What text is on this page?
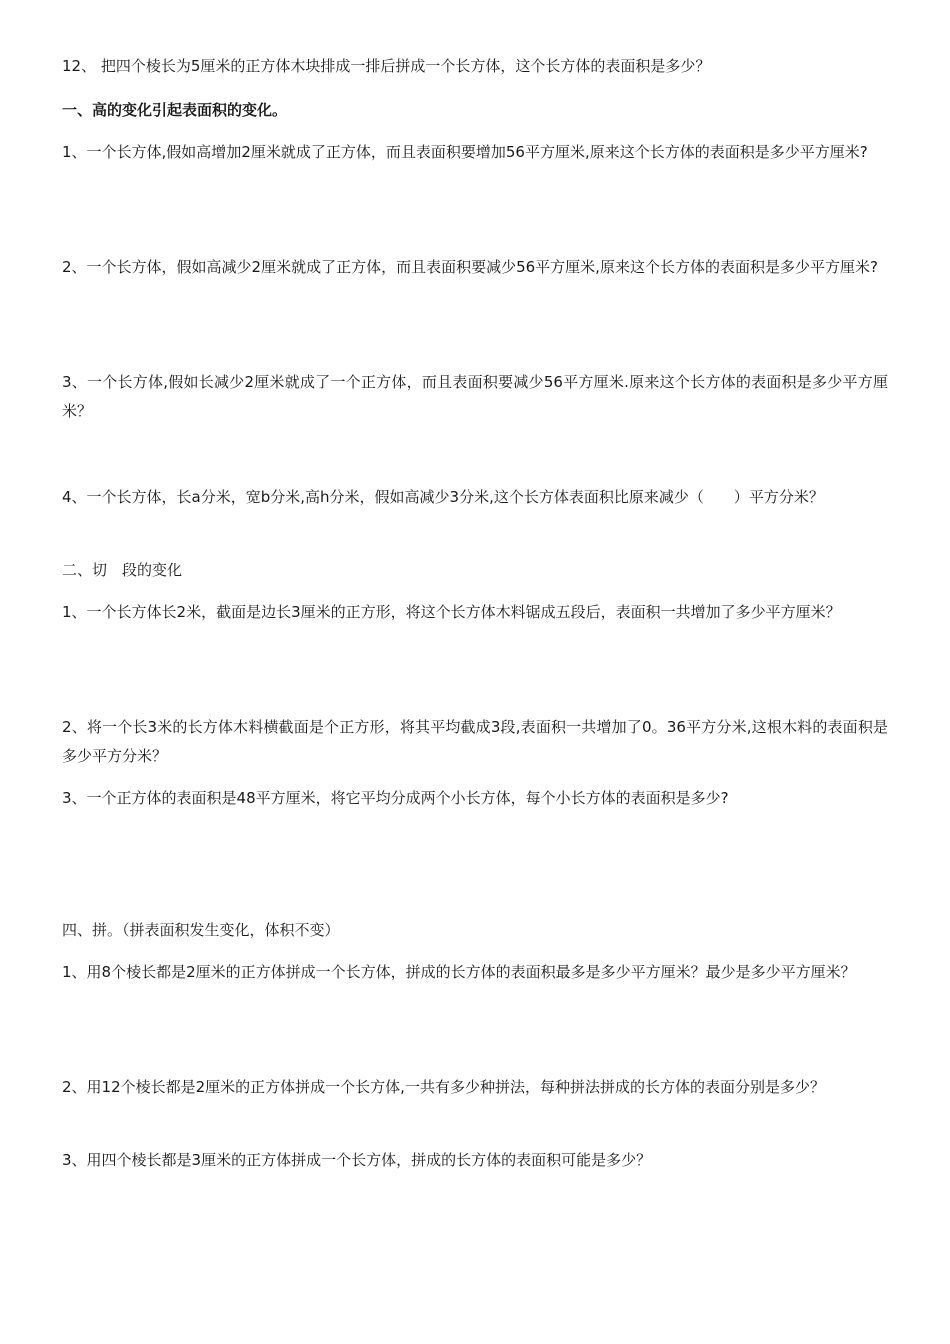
12、 把四个棱长为5厘米的正方体木块排成一排后拼成一个长方体，这个长方体的表面积是多少？

一、高的变化引起表面积的变化。

1、一个长方体,假如高增加2厘米就成了正方体，而且表面积要增加56平方厘米,原来这个长方体的表面积是多少平方厘米?

2、一个长方体，假如高减少2厘米就成了正方体，而且表面积要减少56平方厘米,原来这个长方体的表面积是多少平方厘米?

3、一个长方体,假如长减少2厘米就成了一个正方体，而且表面积要减少56平方厘米.原来这个长方体的表面积是多少平方厘米？

4、一个长方体，长a分米，宽b分米,高h分米，假如高减少3分米,这个长方体表面积比原来减少（　　）平方分米？

二、切　段的变化

1、一个长方体长2米，截面是边长3厘米的正方形，将这个长方体木料锯成五段后，表面积一共增加了多少平方厘米？

2、将一个长3米的长方体木料横截面是个正方形，将其平均截成3段,表面积一共增加了0。36平方分米,这根木料的表面积是多少平方分米？

3、一个正方体的表面积是48平方厘米，将它平均分成两个小长方体，每个小长方体的表面积是多少?

四、拼。（拼表面积发生变化，体积不变）

1、用8个棱长都是2厘米的正方体拼成一个长方体，拼成的长方体的表面积最多是多少平方厘米？最少是多少平方厘米？

2、用12个棱长都是2厘米的正方体拼成一个长方体,一共有多少种拼法，每种拼法拼成的长方体的表面分别是多少？

3、用四个棱长都是3厘米的正方体拼成一个长方体，拼成的长方体的表面积可能是多少？
